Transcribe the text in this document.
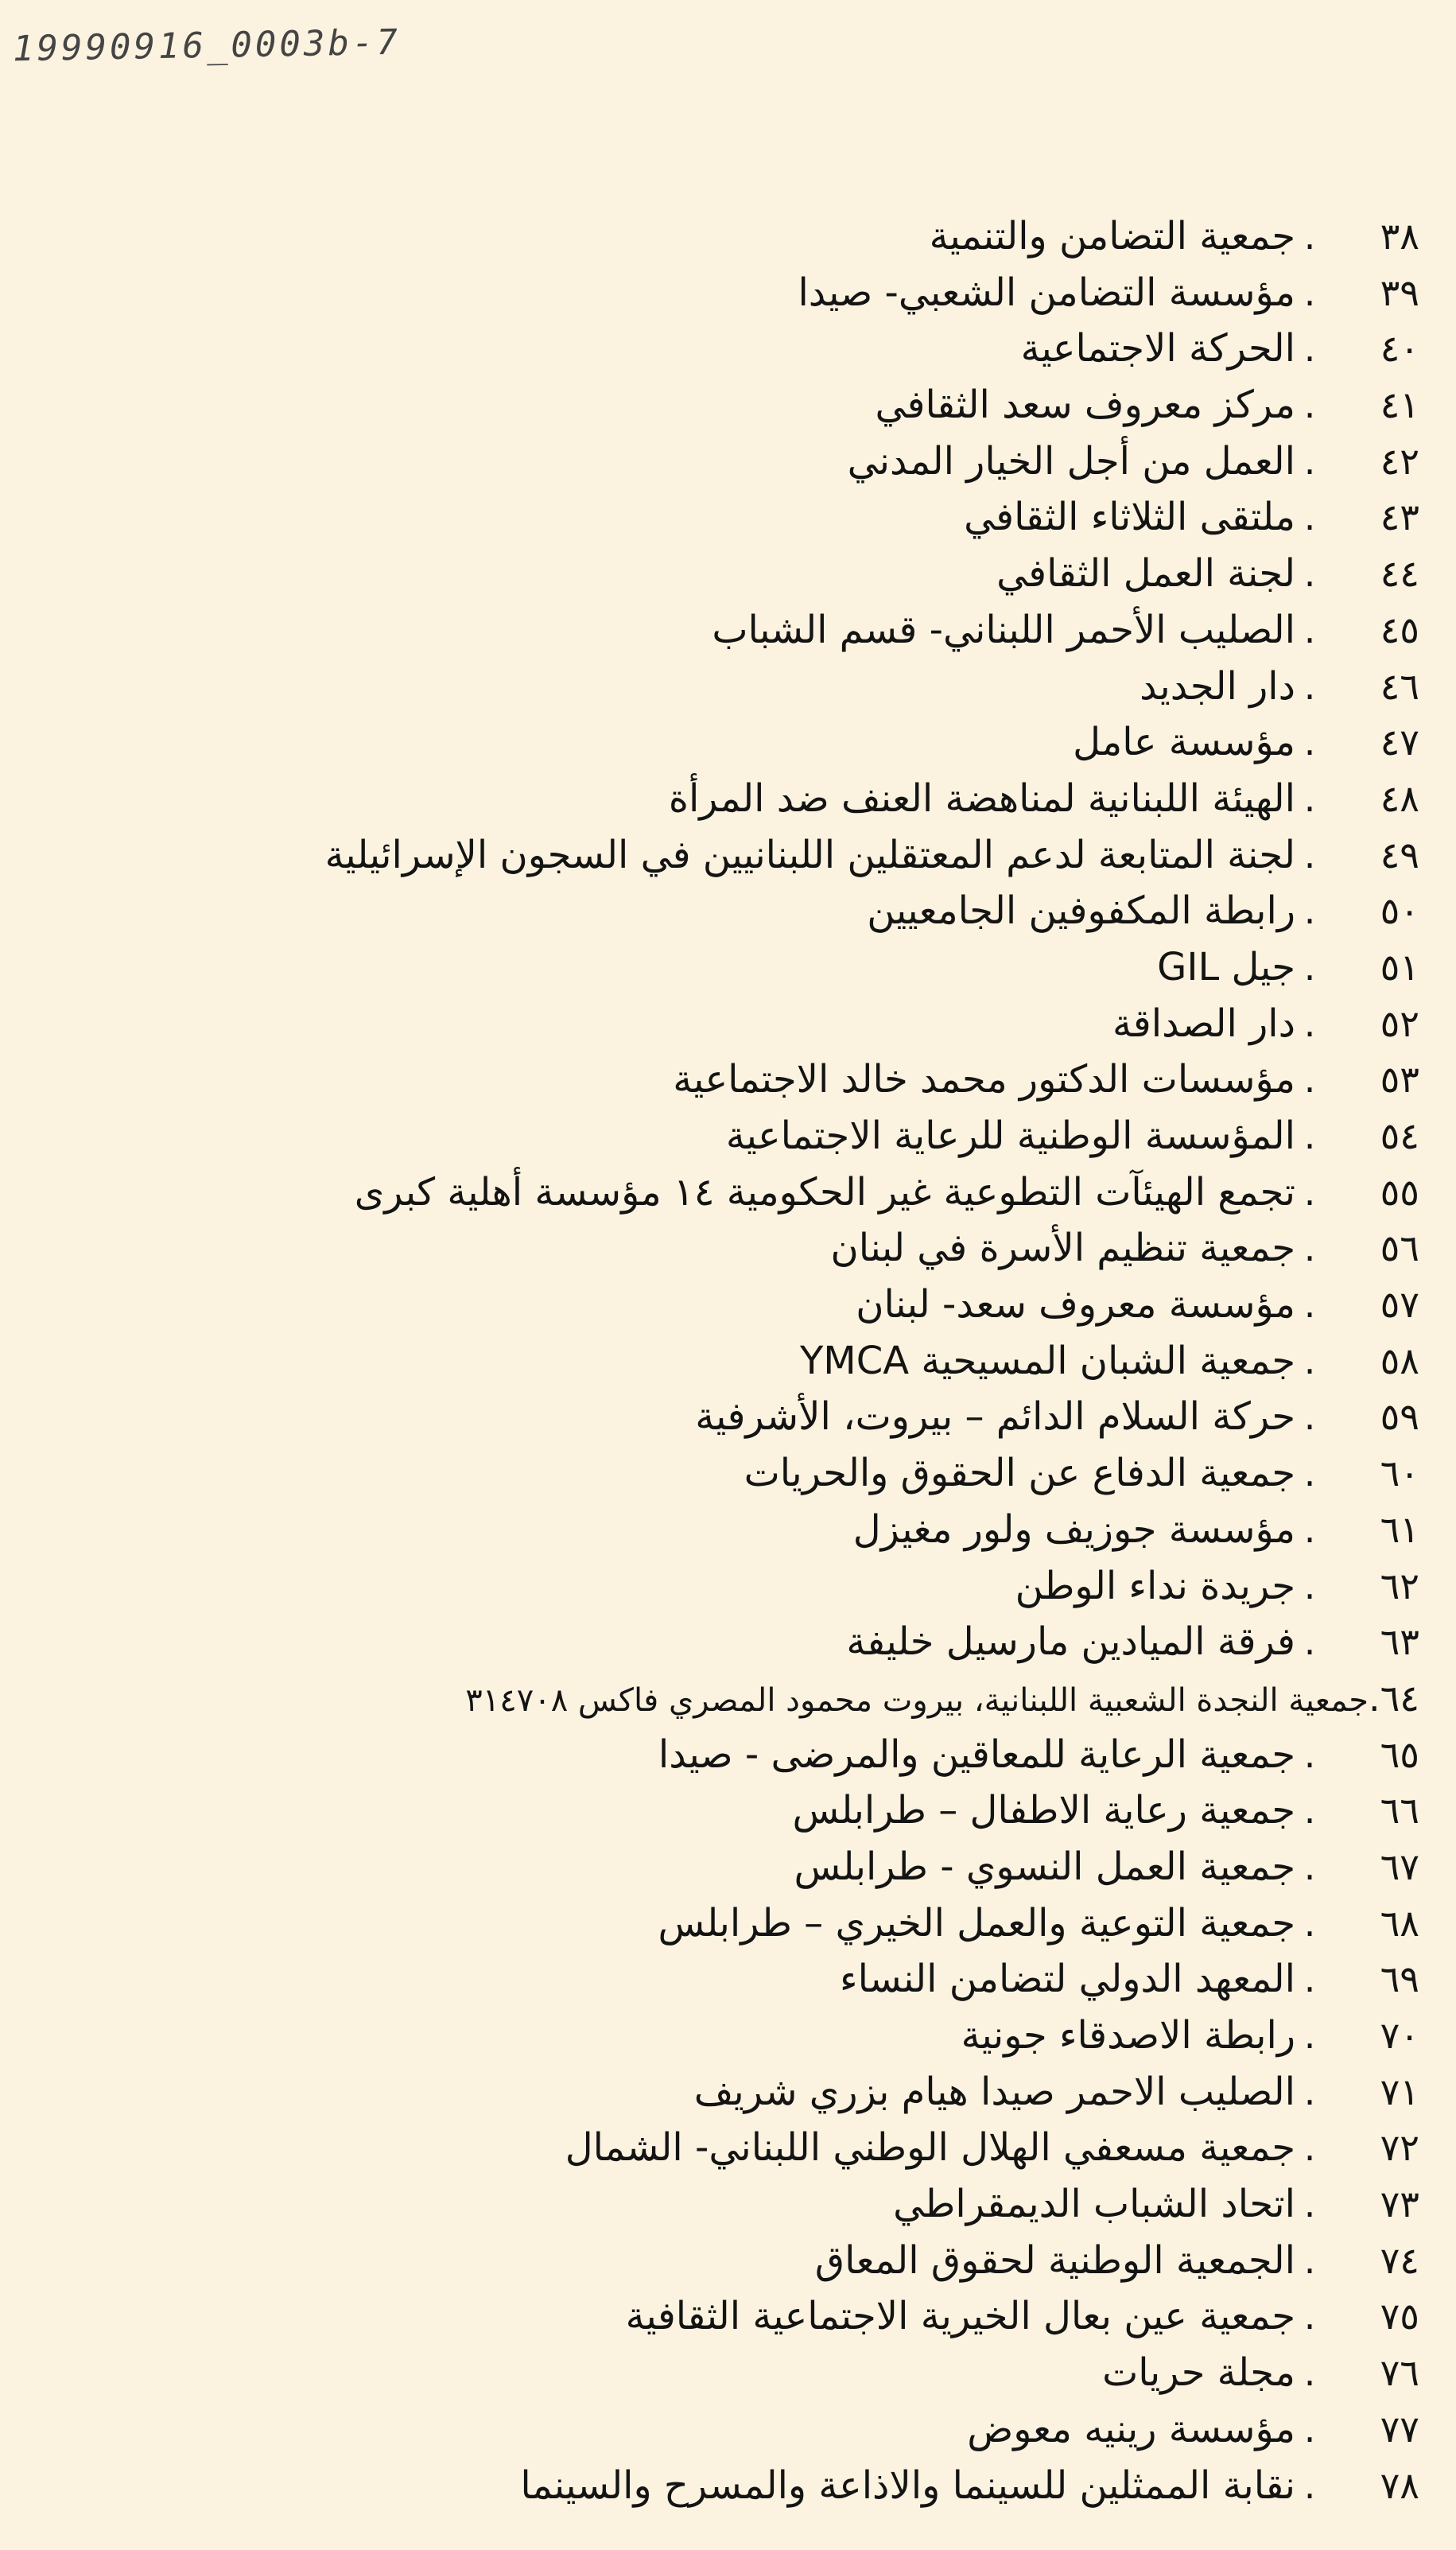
19990916_0003b-7
٣٨.جمعية التضامن والتنمية
٣٩.مؤسسة التضامن الشعبي- صيدا
٤٠.الحركة الاجتماعية
٤١.مركز معروف سعد الثقافي
٤٢.العمل من أجل الخيار المدني
٤٣.ملتقى الثلاثاء الثقافي
٤٤.لجنة العمل الثقافي
٤٥.الصليب الأحمر اللبناني- قسم الشباب
٤٦.دار الجديد
٤٧.مؤسسة عامل
٤٨.الهيئة اللبنانية لمناهضة العنف ضد المرأة
٤٩.لجنة المتابعة لدعم المعتقلين اللبنانيين في السجون الإسرائيلية
٥٠.رابطة المكفوفين الجامعيين
٥١.جيل GIL
٥٢.دار الصداقة
٥٣.مؤسسات الدكتور محمد خالد الاجتماعية
٥٤.المؤسسة الوطنية للرعاية الاجتماعية
٥٥.تجمع الهيئآت التطوعية غير الحكومية ١٤ مؤسسة أهلية كبرى
٥٦.جمعية تنظيم الأسرة في لبنان
٥٧.مؤسسة معروف سعد- لبنان
٥٨.جمعية الشبان المسيحية YMCA
٥٩.حركة السلام الدائم – بيروت، الأشرفية
٦٠.جمعية الدفاع عن الحقوق والحريات
٦١.مؤسسة جوزيف ولور مغيزل
٦٢.جريدة نداء الوطن
٦٣.فرقة الميادين مارسيل خليفة
٦٤.جمعية النجدة الشعبية اللبنانية، بيروت محمود المصري فاكس ٣١٤٧٠٨
٦٥.جمعية الرعاية للمعاقين والمرضى - صيدا
٦٦.جمعية رعاية الاطفال – طرابلس
٦٧.جمعية العمل النسوي - طرابلس
٦٨.جمعية التوعية والعمل الخيري – طرابلس
٦٩.المعهد الدولي لتضامن النساء
٧٠.رابطة الاصدقاء جونية
٧١.الصليب الاحمر صيدا هيام بزري شريف
٧٢.جمعية مسعفي الهلال الوطني اللبناني- الشمال
٧٣.اتحاد الشباب الديمقراطي
٧٤.الجمعية الوطنية لحقوق المعاق
٧٥.جمعية عين بعال الخيرية الاجتماعية الثقافية
٧٦.مجلة حريات
٧٧.مؤسسة رينيه معوض
٧٨.نقابة الممثلين للسينما والاذاعة والمسرح والسينما
